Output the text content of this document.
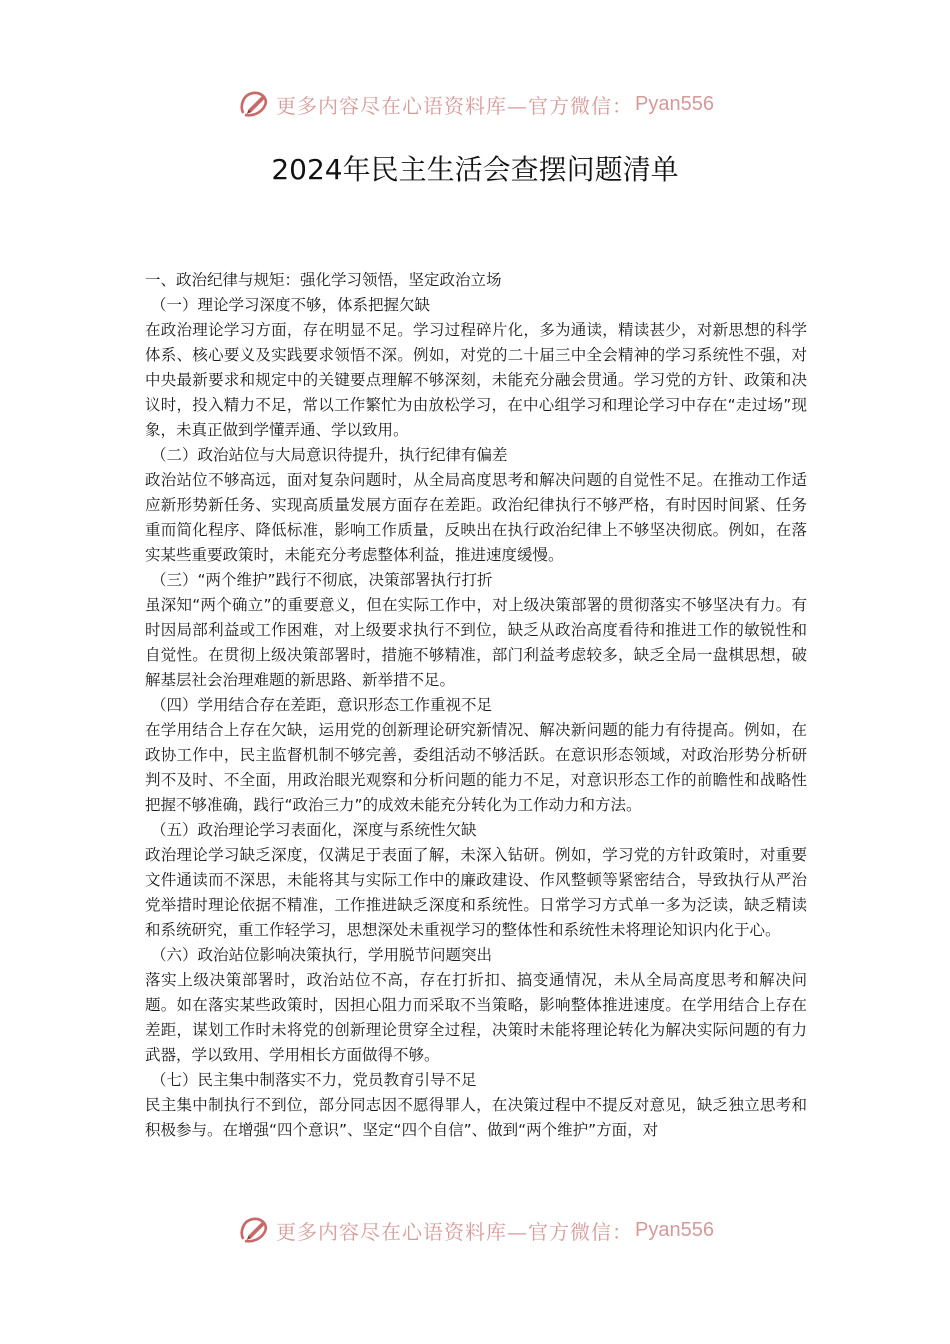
更多内容尽在心语资料库—官方微信： Pyan556
2024年民主生活会查摆问题清单

一、政治纪律与规矩：强化学习领悟，坚定政治立场

（一）理论学习深度不够，体系把握欠缺

在政治理论学习方面，存在明显不足。学习过程碎片化，多为通读，精读甚少，对新思想的科学体系、核心要义及实践要求领悟不深。例如，对党的二十届三中全会精神的学习系统性不强，对中央最新要求和规定中的关键要点理解不够深刻，未能充分融会贯通。学习党的方针、政策和决议时，投入精力不足，常以工作繁忙为由放松学习，在中心组学习和理论学习中存在“走过场”现象，未真正做到学懂弄通、学以致用。

（二）政治站位与大局意识待提升，执行纪律有偏差

政治站位不够高远，面对复杂问题时，从全局高度思考和解决问题的自觉性不足。在推动工作适应新形势新任务、实现高质量发展方面存在差距。政治纪律执行不够严格，有时因时间紧、任务重而简化程序、降低标准，影响工作质量，反映出在执行政治纪律上不够坚决彻底。例如，在落实某些重要政策时，未能充分考虑整体利益，推进速度缓慢。

（三）“两个维护”践行不彻底，决策部署执行打折

虽深知“两个确立”的重要意义，但在实际工作中，对上级决策部署的贯彻落实不够坚决有力。有时因局部利益或工作困难，对上级要求执行不到位，缺乏从政治高度看待和推进工作的敏锐性和自觉性。在贯彻上级决策部署时，措施不够精准，部门利益考虑较多，缺乏全局一盘棋思想，破解基层社会治理难题的新思路、新举措不足。

（四）学用结合存在差距，意识形态工作重视不足

在学用结合上存在欠缺，运用党的创新理论研究新情况、解决新问题的能力有待提高。例如，在政协工作中，民主监督机制不够完善，委组活动不够活跃。在意识形态领域，对政治形势分析研判不及时、不全面，用政治眼光观察和分析问题的能力不足，对意识形态工作的前瞻性和战略性把握不够准确，践行“政治三力”的成效未能充分转化为工作动力和方法。

（五）政治理论学习表面化，深度与系统性欠缺

政治理论学习缺乏深度，仅满足于表面了解，未深入钻研。例如，学习党的方针政策时，对重要文件通读而不深思，未能将其与实际工作中的廉政建设、作风整顿等紧密结合，导致执行从严治党举措时理论依据不精准，工作推进缺乏深度和系统性。日常学习方式单一多为泛读，缺乏精读和系统研究，重工作轻学习，思想深处未重视学习的整体性和系统性未将理论知识内化于心。

（六）政治站位影响决策执行，学用脱节问题突出

落实上级决策部署时，政治站位不高，存在打折扣、搞变通情况，未从全局高度思考和解决问题。如在落实某些政策时，因担心阻力而采取不当策略，影响整体推进速度。在学用结合上存在差距，谋划工作时未将党的创新理论贯穿全过程，决策时未能将理论转化为解决实际问题的有力武器，学以致用、学用相长方面做得不够。

（七）民主集中制落实不力，党员教育引导不足

民主集中制执行不到位，部分同志因不愿得罪人，在决策过程中不提反对意见，缺乏独立思考和积极参与。在增强“四个意识”、坚定“四个自信”、做到“两个维护”方面，对

更多内容尽在心语资料库—官方微信： Pyan556
